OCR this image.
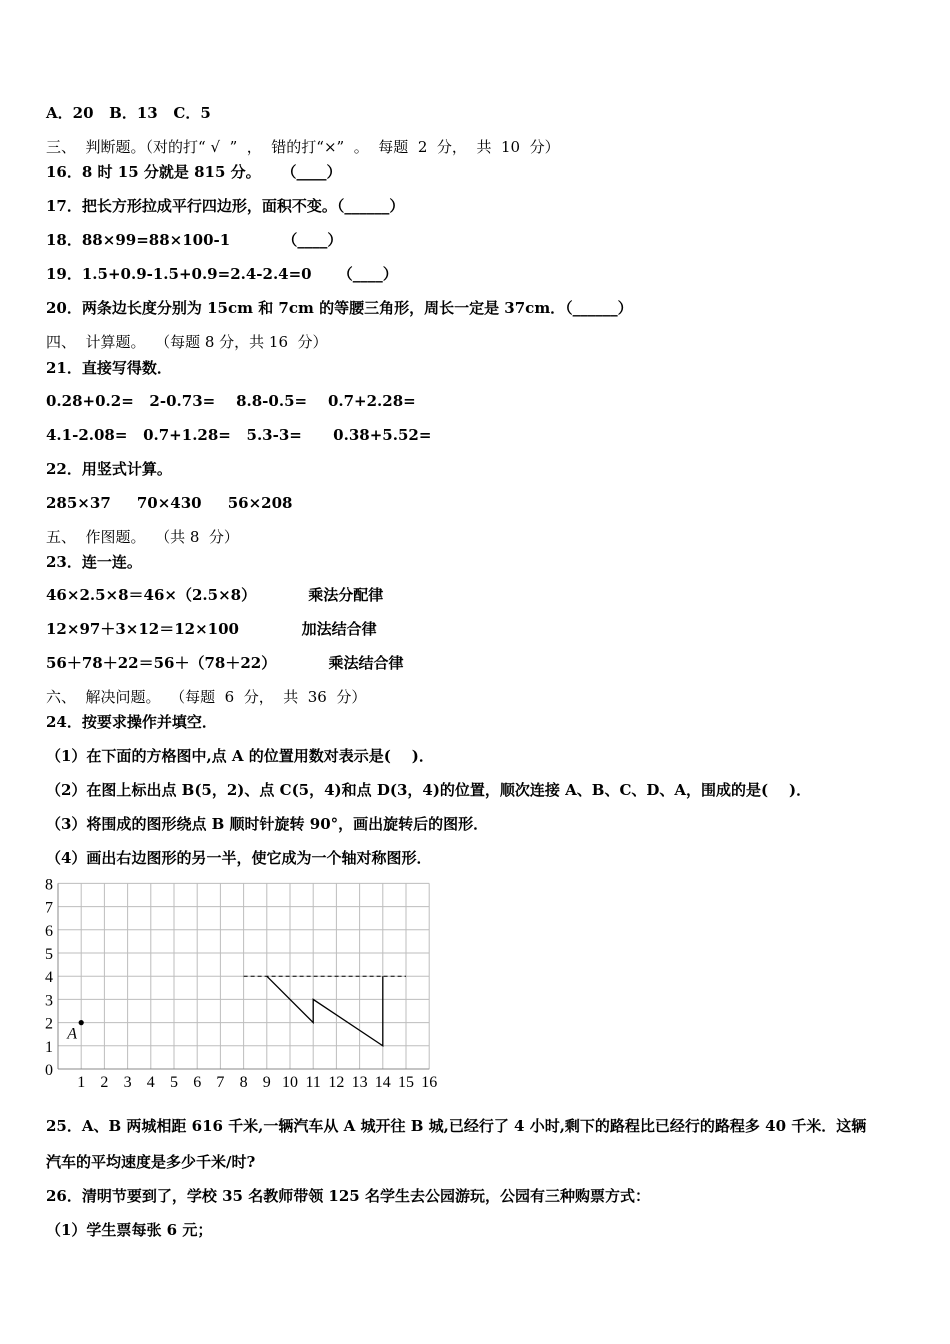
A．20   B．13   C．5
三、  判断题。（对的打“ √  ”  ，  错的打“×”  。  每题  2  分，  共  10  分）
16．8 时 15 分就是 815 分。    （____）
17．把长方形拉成平行四边形，面积不变。（______）
18．88×99=88×100-1          （____）
19．1.5+0.9-1.5+0.9=2.4-2.4=0     （____）
20．两条边长度分别为 15cm 和 7cm 的等腰三角形，周长一定是 37cm．（______）
四、  计算题。  （每题 8 分，共 16  分）
21．直接写得数．
0.28+0.2=   2-0.73=    8.8-0.5=    0.7+2.28=
4.1-2.08=   0.7+1.28=   5.3-3=      0.38+5.52=
22．用竖式计算。
285×37     70×430     56×208
五、  作图题。  （共 8  分）
23．连一连。
46×2.5×8＝46×（2.5×8）          乘法分配律
12×97＋3×12＝12×100            加法结合律
56＋78＋22＝56＋（78＋22）          乘法结合律
六、  解决问题。  （每题  6  分，  共  36  分）
24．按要求操作并填空．
（1）在下面的方格图中,点 A 的位置用数对表示是(    )．
（2）在图上标出点 B(5，2)、点 C(5，4)和点 D(3，4)的位置，顺次连接 A、B、C、D、A，围成的是(    )．
（3）将围成的图形绕点 B 顺时针旋转 90°，画出旋转后的图形．
（4）画出右边图形的另一半，使它成为一个轴对称图形．
25．A、B 两城相距 616 千米,一辆汽车从 A 城开往 B 城,已经行了 4 小时,剩下的路程比已经行的路程多 40 千米．这辆
汽车的平均速度是多少千米/时?
26．清明节要到了，学校 35 名教师带领 125 名学生去公园游玩，公园有三种购票方式：
（1）学生票每张 6 元；
1 2 3 4 5 6 7 8 9 10 11 12 13 14 15 16
0
1
2
3
4
5
6
7
8
A
